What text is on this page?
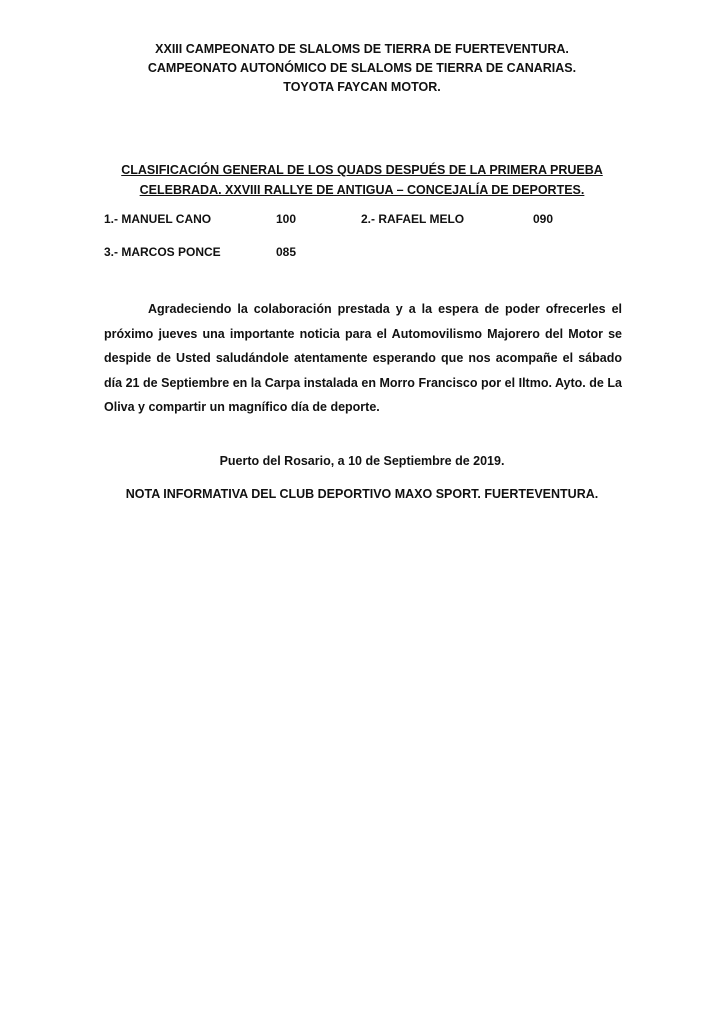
XXIII CAMPEONATO DE SLALOMS DE TIERRA DE FUERTEVENTURA.
CAMPEONATO AUTONÓMICO DE SLALOMS DE TIERRA DE CANARIAS.
TOYOTA FAYCAN MOTOR.
CLASIFICACIÓN GENERAL DE LOS QUADS DESPUÉS DE LA PRIMERA PRUEBA
CELEBRADA. XXVIII RALLYE DE ANTIGUA – CONCEJALÍA DE DEPORTES.
1.- MANUEL CANO	100	2.- RAFAEL MELO	090
3.- MARCOS PONCE	085

Agradeciendo la colaboración prestada y a la espera de poder ofrecerles el próximo jueves una importante noticia para el Automovilismo Majorero del Motor se despide de Usted saludándole atentamente esperando que nos acompañe el sábado día 21 de Septiembre en la Carpa instalada en Morro Francisco por el Iltmo. Ayto. de La Oliva y compartir un magnífico día de deporte.

Puerto del Rosario, a 10 de Septiembre de 2019.
NOTA INFORMATIVA DEL CLUB DEPORTIVO MAXO SPORT. FUERTEVENTURA.
